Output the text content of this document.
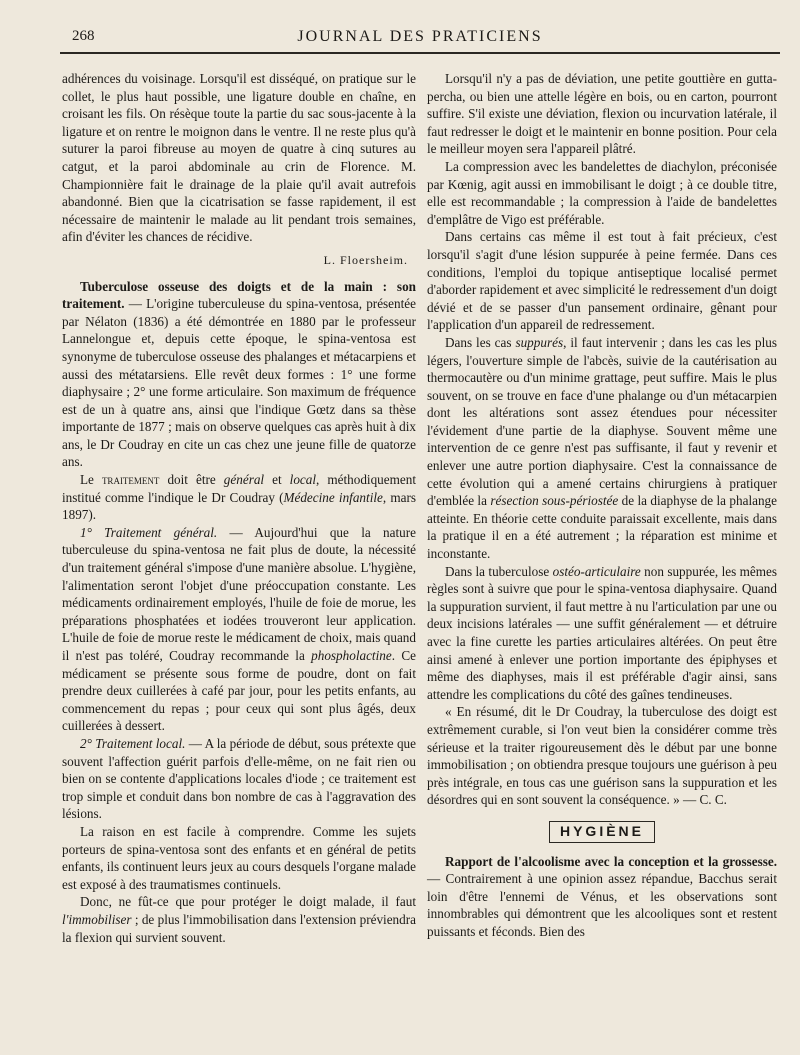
268	JOURNAL DES PRATICIENS

adhérences du voisinage. Lorsqu'il est disséqué, on pratique sur le collet, le plus haut possible, une ligature double en chaîne, en croisant les fils. On résèque toute la partie du sac sous-jacente à la ligature et on rentre le moignon dans le ventre. Il ne reste plus qu'à suturer la paroi fibreuse au moyen de quatre à cinq sutures au catgut, et la paroi abdominale au crin de Florence. M. Championnière fait le drainage de la plaie qu'il avait autrefois abandonné. Bien que la cicatrisation se fasse rapidement, il est nécessaire de maintenir le malade au lit pendant trois semaines, afin d'éviter les chances de récidive.

L. Floersheim.

Tuberculose osseuse des doigts et de la main : son traitement. — L'origine tuberculeuse du spina-ventosa, présentée par Nélaton (1836) a été démontrée en 1880 par le professeur Lannelongue et, depuis cette époque, le spina-ventosa est synonyme de tuberculose osseuse des phalanges et métacarpiens et aussi des métatarsiens. Elle revêt deux formes : 1° une forme diaphysaire ; 2° une forme articulaire. Son maximum de fréquence est de un à quatre ans, ainsi que l'indique Gœtz dans sa thèse importante de 1877 ; mais on observe quelques cas après huit à dix ans, le Dr Coudray en cite un cas chez une jeune fille de quatorze ans.

Le traitement doit être général et local, méthodiquement institué comme l'indique le Dr Coudray (Médecine infantile, mars 1897).

1° Traitement général. — Aujourd'hui que la nature tuberculeuse du spina-ventosa ne fait plus de doute, la nécessité d'un traitement général s'impose d'une manière absolue. L'hygiène, l'alimentation seront l'objet d'une préoccupation constante. Les médicaments ordinairement employés, l'huile de foie de morue, les préparations phosphatées et iodées trouveront leur application. L'huile de foie de morue reste le médicament de choix, mais quand il n'est pas toléré, Coudray recommande la phospholactine. Ce médicament se présente sous forme de poudre, dont on fait prendre deux cuillerées à café par jour, pour les petits enfants, au commencement du repas ; pour ceux qui sont plus âgés, deux cuillerées à dessert.

2° Traitement local. — A la période de début, sous prétexte que souvent l'affection guérit parfois d'elle-même, on ne fait rien ou bien on se contente d'applications locales d'iode ; ce traitement est trop simple et conduit dans bon nombre de cas à l'aggravation des lésions.

La raison en est facile à comprendre. Comme les sujets porteurs de spina-ventosa sont des enfants et en général de petits enfants, ils continuent leurs jeux au cours desquels l'organe malade est exposé à des traumatismes continuels.

Donc, ne fût-ce que pour protéger le doigt malade, il faut l'immobiliser ; de plus l'immobilisation dans l'extension préviendra la flexion qui survient souvent.

Lorsqu'il n'y a pas de déviation, une petite gouttière en gutta-percha, ou bien une attelle légère en bois, ou en carton, pourront suffire. S'il existe une déviation, flexion ou incurvation latérale, il faut redresser le doigt et le maintenir en bonne position. Pour cela le meilleur moyen sera l'appareil plâtré.

La compression avec les bandelettes de diachylon, préconisée par Kœnig, agit aussi en immobilisant le doigt ; à ce double titre, elle est recommandable ; la compression à l'aide de bandelettes d'emplâtre de Vigo est préférable.

Dans certains cas même il est tout à fait précieux, c'est lorsqu'il s'agit d'une lésion suppurée à peine fermée. Dans ces conditions, l'emploi du topique antiseptique localisé permet d'aborder rapidement et avec simplicité le redressement d'un doigt dévié et de se passer d'un pansement ordinaire, gênant pour l'application d'un appareil de redressement.

Dans les cas suppurés, il faut intervenir ; dans les cas les plus légers, l'ouverture simple de l'abcès, suivie de la cautérisation au thermocautère ou d'un minime grattage, peut suffire. Mais le plus souvent, on se trouve en face d'une phalange ou d'un métacarpien dont les altérations sont assez étendues pour nécessiter l'évidement d'une partie de la diaphyse. Souvent même une intervention de ce genre n'est pas suffisante, il faut y revenir et enlever une autre portion diaphysaire. C'est la connaissance de cette évolution qui a amené certains chirurgiens à pratiquer d'emblée la résection sous-périostée de la diaphyse de la phalange atteinte. En théorie cette conduite paraissait excellente, mais dans la pratique il en a été autrement ; la réparation est minime et inconstante.

Dans la tuberculose ostéo-articulaire non suppurée, les mêmes règles sont à suivre que pour le spina-ventosa diaphysaire. Quand la suppuration survient, il faut mettre à nu l'articulation par une ou deux incisions latérales — une suffit généralement — et détruire avec la fine curette les parties articulaires altérées. On peut être ainsi amené à enlever une portion importante des épiphyses et même des diaphyses, mais il est préférable d'agir ainsi, sans attendre les complications du côté des gaînes tendineuses.

« En résumé, dit le Dr Coudray, la tuberculose des doigt est extrêmement curable, si l'on veut bien la considérer comme très sérieuse et la traiter rigoureusement dès le début par une bonne immobilisation ; on obtiendra presque toujours une guérison à peu près intégrale, en tous cas une guérison sans la suppuration et les désordres qui en sont souvent la conséquence. » — C. C.

HYGIÈNE

Rapport de l'alcoolisme avec la conception et la grossesse. — Contrairement à une opinion assez répandue, Bacchus serait loin d'être l'ennemi de Vénus, et les observations sont innombrables qui démontrent que les alcooliques sont et restent puissants et féconds. Bien des
